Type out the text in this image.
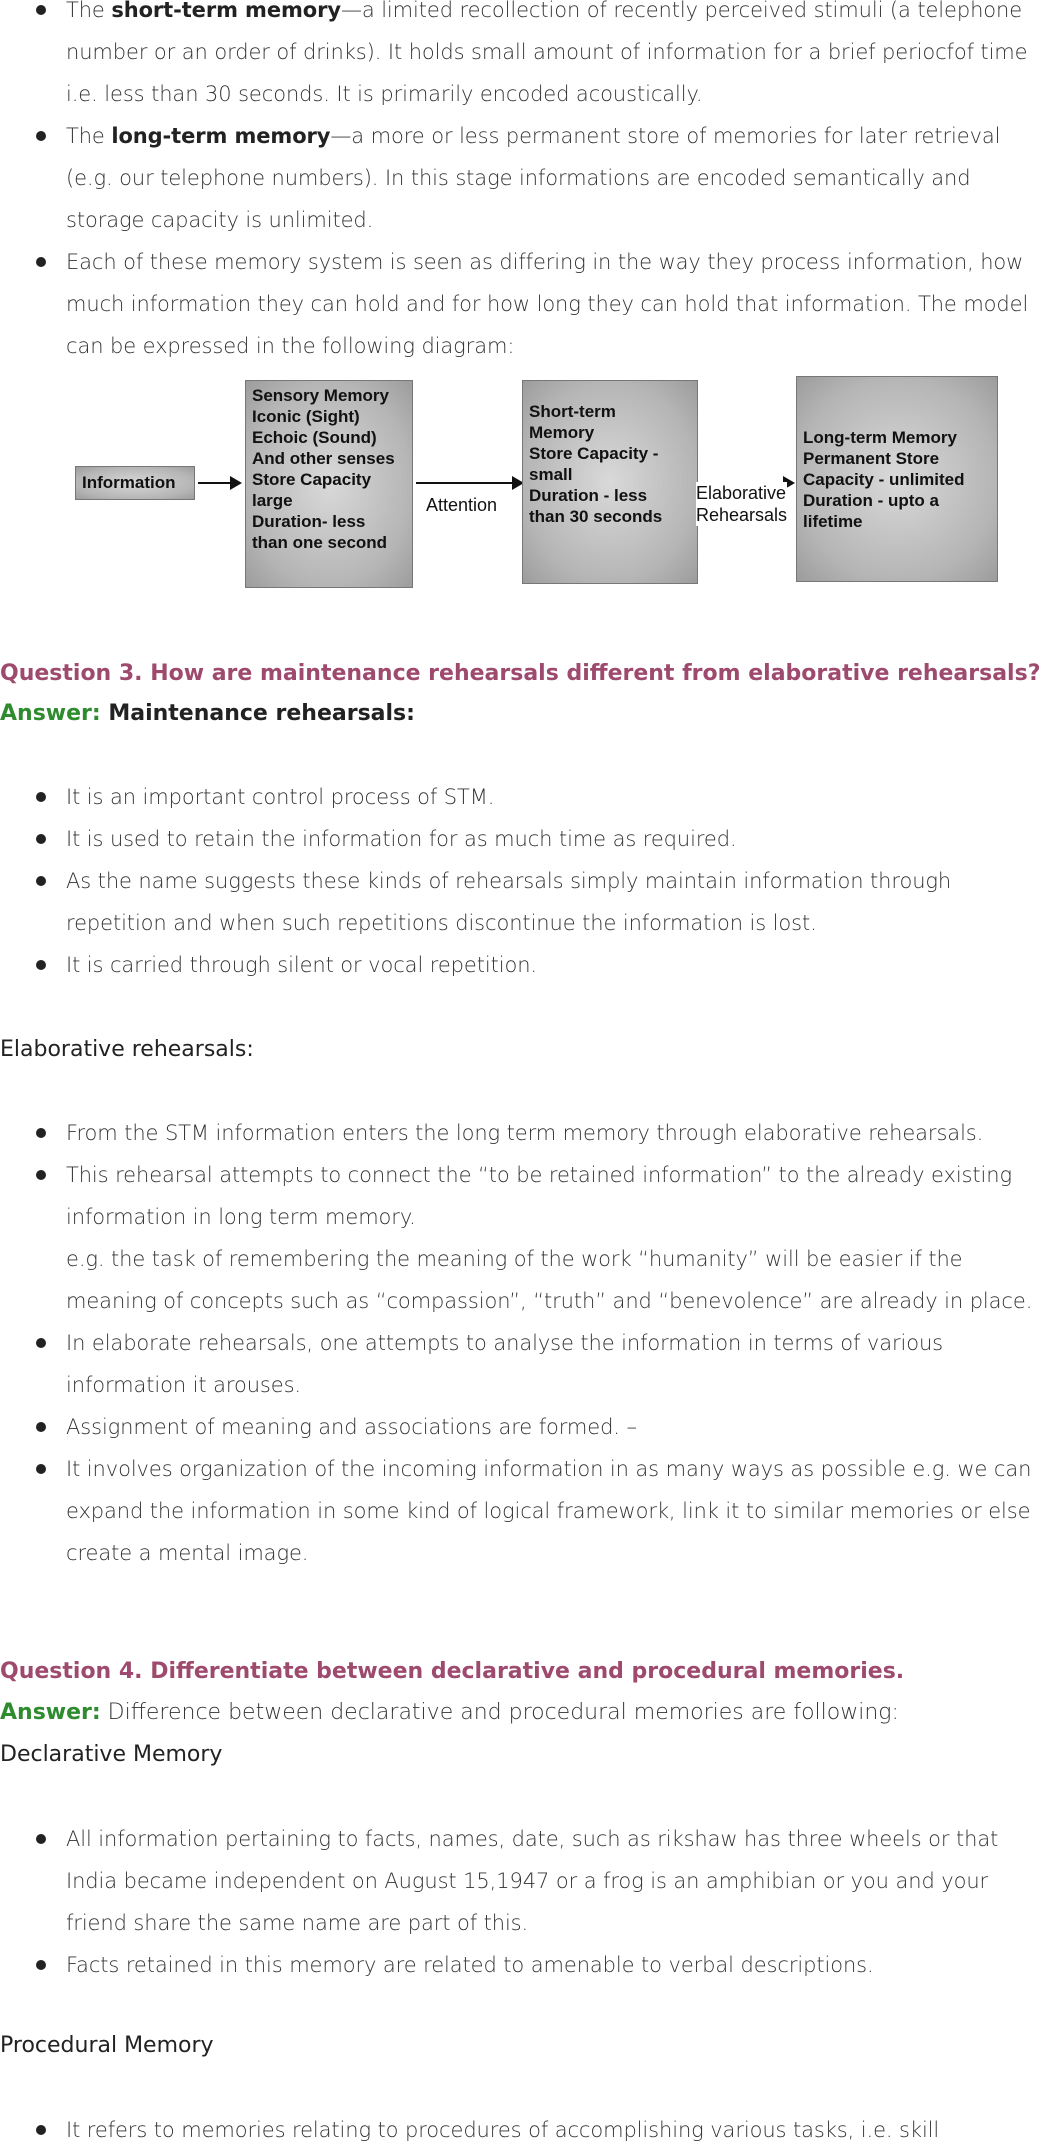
The short-term memory—a limited recollection of recently perceived stimuli (a telephone number or an order of drinks). It holds small amount of information for a brief periocfof time i.e. less than 30 seconds. It is primarily encoded acoustically.
The long-term memory—a more or less permanent store of memories for later retrieval (e.g. our telephone numbers). In this stage informations are encoded semantically and storage capacity is unlimited.
Each of these memory system is seen as differing in the way they process information, how much information they can hold and for how long they can hold that information. The model can be expressed in the following diagram:
Information
Sensory Memory
Iconic (Sight)
Echoic (Sound)
And other senses
Store Capacity
large
Duration- less
than one second
Attention
Short-term
Memory
Store Capacity -
small
Duration - less
than 30 seconds
Elaborative
Rehearsals
Long-term Memory
Permanent Store
Capacity - unlimited
Duration - upto a
lifetime
Question 3. How are maintenance rehearsals different from elaborative rehearsals?
Answer: Maintenance rehearsals:
It is an important control process of STM.
It is used to retain the information for as much time as required.
As the name suggests these kinds of rehearsals simply maintain information through repetition and when such repetitions discontinue the information is lost.
It is carried through silent or vocal repetition.
Elaborative rehearsals:
From the STM information enters the long term memory through elaborative rehearsals.
This rehearsal attempts to connect the “to be retained information” to the already existing information in long term memory.
e.g. the task of remembering the meaning of the work “humanity” will be easier if the meaning of concepts such as “compassion”, “truth” and “benevolence” are already in place.
In elaborate rehearsals, one attempts to analyse the information in terms of various information it arouses.
Assignment of meaning and associations are formed. –
It involves organization of the incoming information in as many ways as possible e.g. we can expand the information in some kind of logical framework, link it to similar memories or else create a mental image.
Question 4. Differentiate between declarative and procedural memories.
Answer: Difference between declarative and procedural memories are following:
Declarative Memory
All information pertaining to facts, names, date, such as rikshaw has three wheels or that India became independent on August 15,1947 or a frog is an amphibian or you and your friend share the same name are part of this.
Facts retained in this memory are related to amenable to verbal descriptions.
Procedural Memory
It refers to memories relating to procedures of accomplishing various tasks, i.e. skill
